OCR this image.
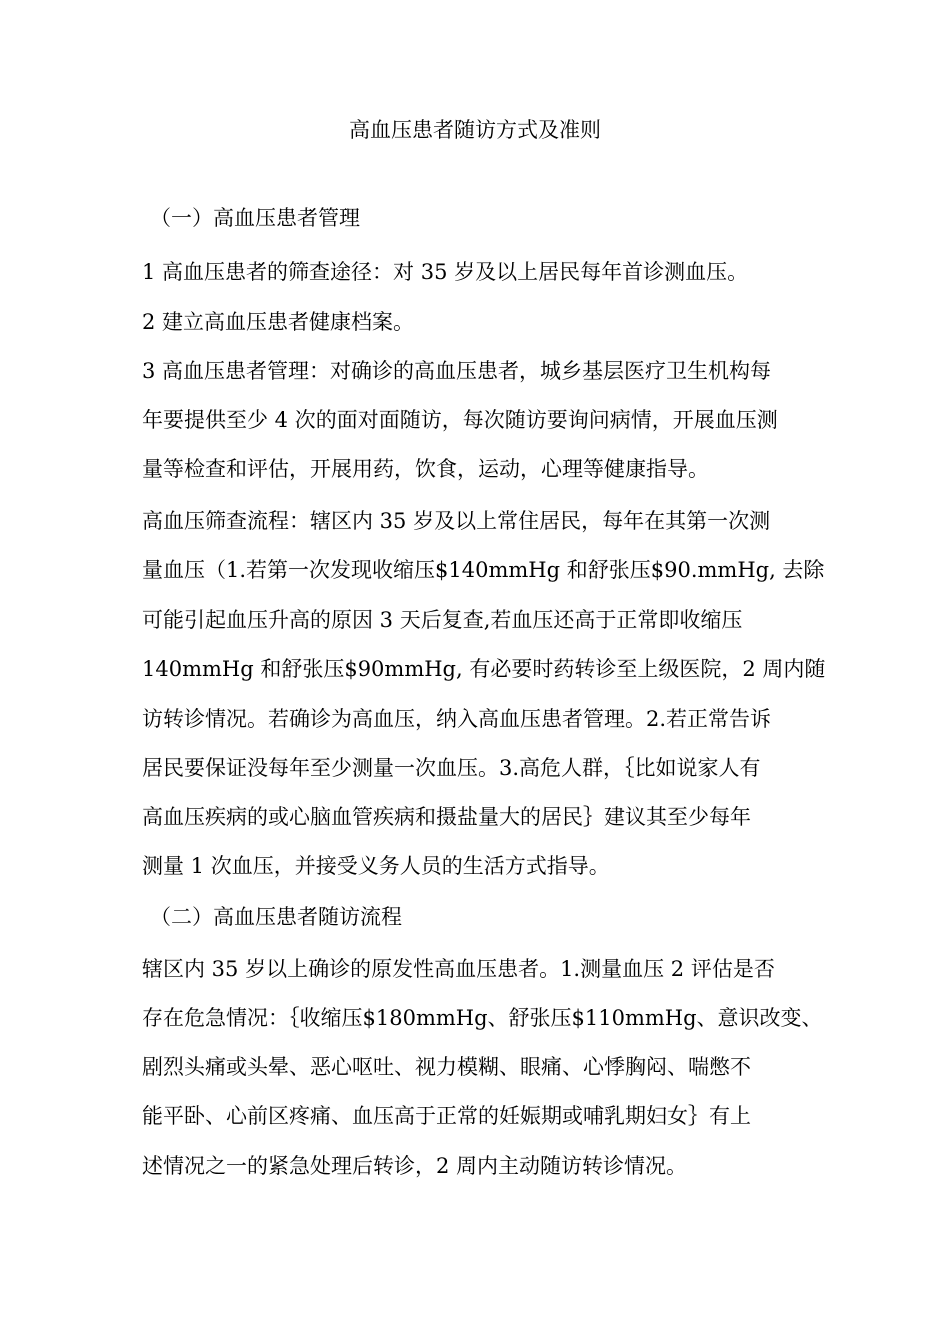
高血压患者随访方式及准则

（一）高血压患者管理

1 高血压患者的筛查途径：对 35 岁及以上居民每年首诊测血压。

2 建立高血压患者健康档案。

3 高血压患者管理：对确诊的高血压患者，城乡基层医疗卫生机构每

年要提供至少 4 次的面对面随访，每次随访要询问病情，开展血压测

量等检查和评估，开展用药，饮食，运动，心理等健康指导。

高血压筛查流程：辖区内 35 岁及以上常住居民，每年在其第一次测

量血压（1.若第一次发现收缩压$140mmHg 和舒张压$90.mmHg, 去除

可能引起血压升高的原因 3 天后复查,若血压还高于正常即收缩压

140mmHg 和舒张压$90mmHg, 有必要时药转诊至上级医院，2 周内随

访转诊情况。若确诊为高血压，纳入高血压患者管理。2.若正常告诉

居民要保证没每年至少测量一次血压。3.高危人群，｛比如说家人有

高血压疾病的或心脑血管疾病和摄盐量大的居民｝建议其至少每年

测量 1 次血压，并接受义务人员的生活方式指导。

（二）高血压患者随访流程

辖区内 35 岁以上确诊的原发性高血压患者。1.测量血压 2 评估是否

存在危急情况：｛收缩压$180mmHg、舒张压$110mmHg、意识改变、

剧烈头痛或头晕、恶心呕吐、视力模糊、眼痛、心悸胸闷、喘憋不

能平卧、心前区疼痛、血压高于正常的妊娠期或哺乳期妇女｝有上

述情况之一的紧急处理后转诊，2 周内主动随访转诊情况。
